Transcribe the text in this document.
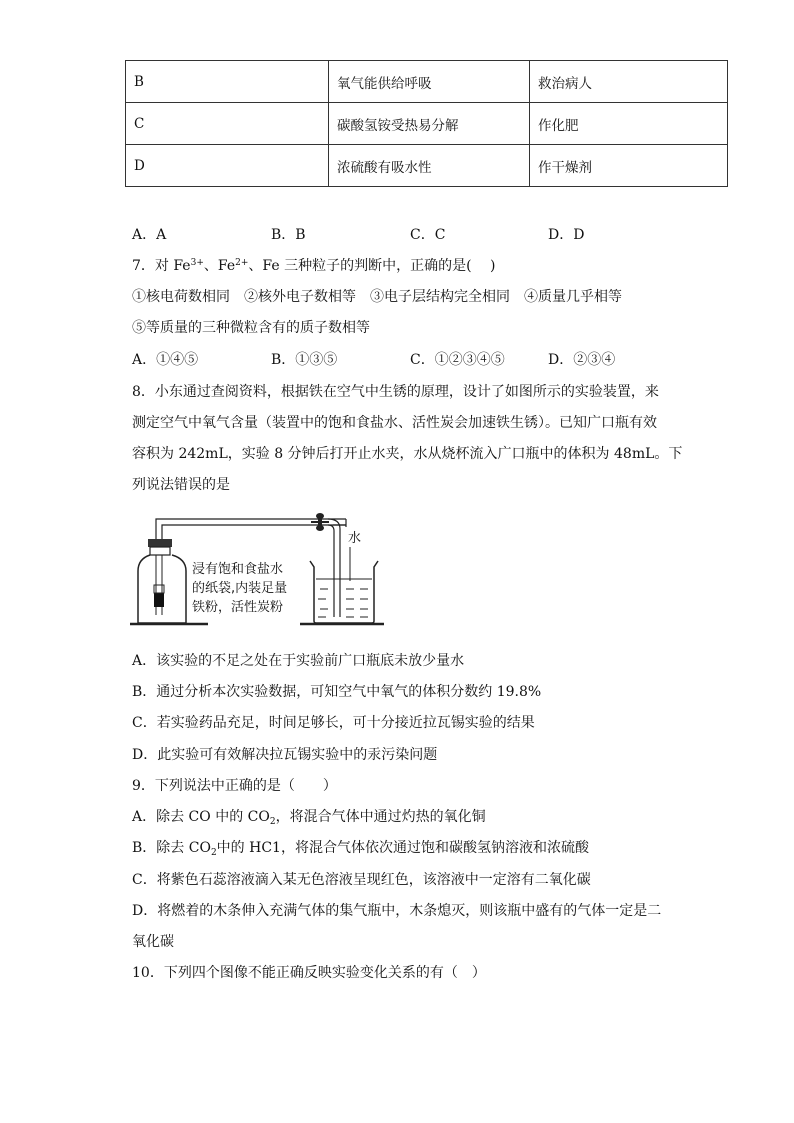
B	氧气能供给呼吸	救治病人
C	碳酸氢铵受热易分解	作化肥
D	浓硫酸有吸水性	作干燥剂
A．A	B．B	C．C	D．D
7．对 $Fe^{3+}$、$Fe^{2+}$、Fe 三种粒子的判断中，正确的是(　 )
①核电荷数相同　②核外电子数相等　③电子层结构完全相同　④质量几乎相等
⑤等质量的三种微粒含有的质子数相等
A．①④⑤	B．①③⑤	C．①②③④⑤	D．②③④
8．小东通过查阅资料，根据铁在空气中生锈的原理，设计了如图所示的实验装置，来
测定空气中氧气含量（装置中的饱和食盐水、活性炭会加速铁生锈）。已知广口瓶有效
容积为 242mL，实验 8 分钟后打开止水夹，水从烧杯流入广口瓶中的体积为 48mL。下
列说法错误的是
浸有饱和食盐水
的纸袋,内装足量
铁粉，活性炭粉
水
A．该实验的不足之处在于实验前广口瓶底未放少量水
B．通过分析本次实验数据，可知空气中氧气的体积分数约 19.8%
C．若实验药品充足，时间足够长，可十分接近拉瓦锡实验的结果
D．此实验可有效解决拉瓦锡实验中的汞污染问题
9．下列说法中正确的是（　　）
A．除去 CO 中的 $CO_2$，将混合气体中通过灼热的氧化铜
B．除去 $CO_2$中的 HC1，将混合气体依次通过饱和碳酸氢钠溶液和浓硫酸
C．将紫色石蕊溶液滴入某无色溶液呈现红色，该溶液中一定溶有二氧化碳
D．将燃着的木条伸入充满气体的集气瓶中，木条熄灭，则该瓶中盛有的气体一定是二
氧化碳
10．下列四个图像不能正确反映实验变化关系的有（　）
